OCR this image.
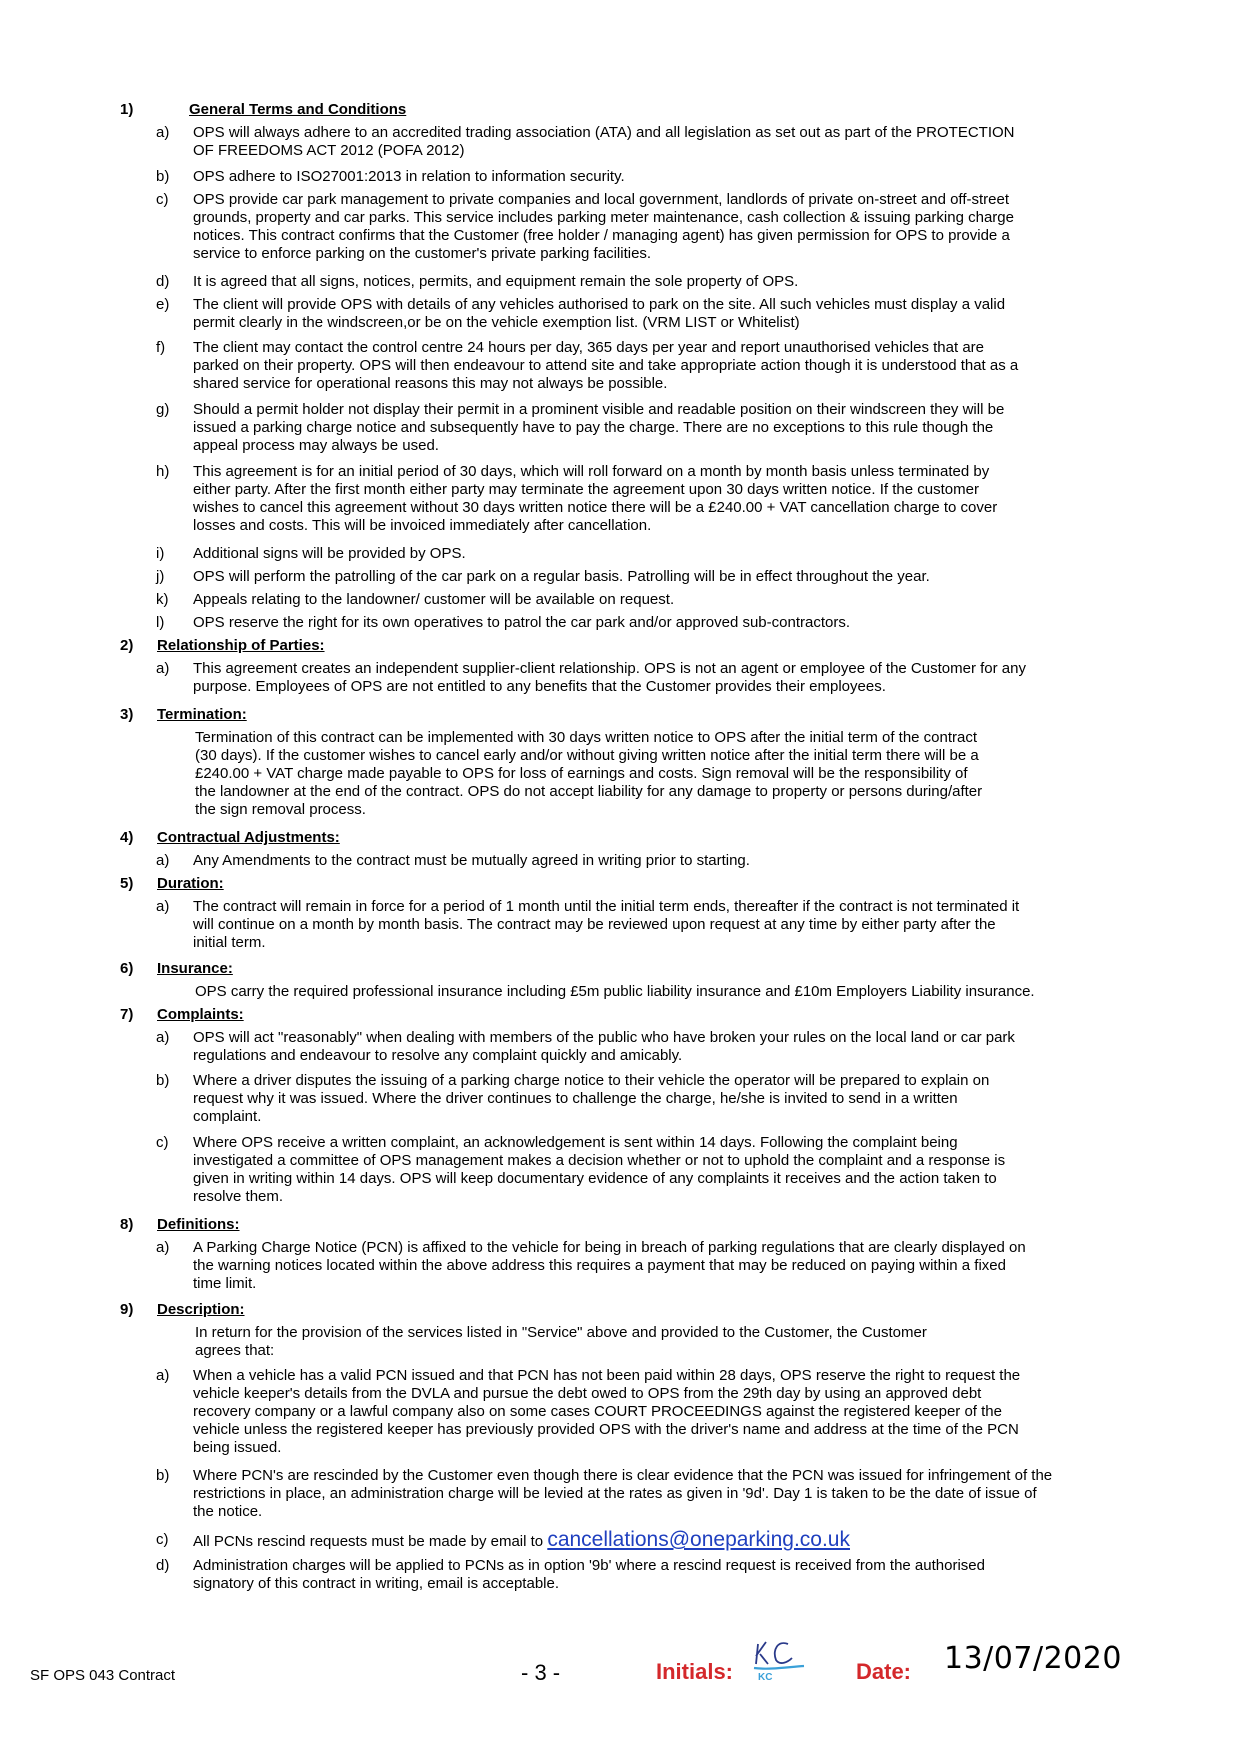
1)	General Terms and Conditions
a) OPS will always adhere to an accredited trading association (ATA) and all legislation as set out as part of the PROTECTION
OF FREEDOMS ACT 2012 (POFA 2012)
b) OPS adhere to ISO27001:2013 in relation to information security.
c) OPS provide car park management to private companies and local government, landlords of private on-street and off-street
grounds, property and car parks. This service includes parking meter maintenance, cash collection & issuing parking charge
notices. This contract confirms that the Customer (free holder / managing agent) has given permission for OPS to provide a
service to enforce parking on the customer's private parking facilities.
d) It is agreed that all signs, notices, permits, and equipment remain the sole property of OPS.
e) The client will provide OPS with details of any vehicles authorised to park on the site. All such vehicles must display a valid
permit clearly in the windscreen,or be on the vehicle exemption list. (VRM LIST or Whitelist)
f) The client may contact the control centre 24 hours per day, 365 days per year and report unauthorised vehicles that are
parked on their property. OPS will then endeavour to attend site and take appropriate action though it is understood that as a
shared service for operational reasons this may not always be possible.
g) Should a permit holder not display their permit in a prominent visible and readable position on their windscreen they will be
issued a parking charge notice and subsequently have to pay the charge. There are no exceptions to this rule though the
appeal process may always be used.
h) This agreement is for an initial period of 30 days, which will roll forward on a month by month basis unless terminated by
either party. After the first month either party may terminate the agreement upon 30 days written notice. If the customer
wishes to cancel this agreement without 30 days written notice there will be a £240.00 + VAT cancellation charge to cover
losses and costs. This will be invoiced immediately after cancellation.
i) Additional signs will be provided by OPS.
j) OPS will perform the patrolling of the car park on a regular basis. Patrolling will be in effect throughout the year.
k) Appeals relating to the landowner/ customer will be available on request.
l) OPS reserve the right for its own operatives to patrol the car park and/or approved sub-contractors.
2) Relationship of Parties:
a) This agreement creates an independent supplier-client relationship. OPS is not an agent or employee of the Customer for any
purpose. Employees of OPS are not entitled to any benefits that the Customer provides their employees.
3) Termination:
Termination of this contract can be implemented with 30 days written notice to OPS after the initial term of the contract
(30 days). If the customer wishes to cancel early and/or without giving written notice after the initial term there will be a
£240.00 + VAT charge made payable to OPS for loss of earnings and costs. Sign removal will be the responsibility of
the landowner at the end of the contract. OPS do not accept liability for any damage to property or persons during/after
the sign removal process.
4) Contractual Adjustments:
a) Any Amendments to the contract must be mutually agreed in writing prior to starting.
5) Duration:
a) The contract will remain in force for a period of 1 month until the initial term ends, thereafter if the contract is not terminated it
will continue on a month by month basis. The contract may be reviewed upon request at any time by either party after the
initial term.
6) Insurance:
OPS carry the required professional insurance including £5m public liability insurance and £10m Employers Liability insurance.
7) Complaints:
a) OPS will act "reasonably" when dealing with members of the public who have broken your rules on the local land or car park
regulations and endeavour to resolve any complaint quickly and amicably.
b) Where a driver disputes the issuing of a parking charge notice to their vehicle the operator will be prepared to explain on
request why it was issued. Where the driver continues to challenge the charge, he/she is invited to send in a written
complaint.
c) Where OPS receive a written complaint, an acknowledgement is sent within 14 days. Following the complaint being
investigated a committee of OPS management makes a decision whether or not to uphold the complaint and a response is
given in writing within 14 days. OPS will keep documentary evidence of any complaints it receives and the action taken to
resolve them.
8) Definitions:
a) A Parking Charge Notice (PCN) is affixed to the vehicle for being in breach of parking regulations that are clearly displayed on
the warning notices located within the above address this requires a payment that may be reduced on paying within a fixed
time limit.
9) Description:
In return for the provision of the services listed in "Service" above and provided to the Customer, the Customer
agrees that:
a) When a vehicle has a valid PCN issued and that PCN has not been paid within 28 days, OPS reserve the right to request the
vehicle keeper's details from the DVLA and pursue the debt owed to OPS from the 29th day by using an approved debt
recovery company or a lawful company also on some cases COURT PROCEEDINGS against the registered keeper of the
vehicle unless the registered keeper has previously provided OPS with the driver's name and address at the time of the PCN
being issued.
b) Where PCN's are rescinded by the Customer even though there is clear evidence that the PCN was issued for infringement of the
restrictions in place, an administration charge will be levied at the rates as given in '9d'. Day 1 is taken to be the date of issue of
the notice.
c) All PCNs rescind requests must be made by email to cancellations@oneparking.co.uk
d) Administration charges will be applied to PCNs as in option '9b' where a rescind request is received from the authorised
signatory of this contract in writing, email is acceptable.
SF OPS 043 Contract	- 3 -	Initials: KC	Date: 13/07/2020
